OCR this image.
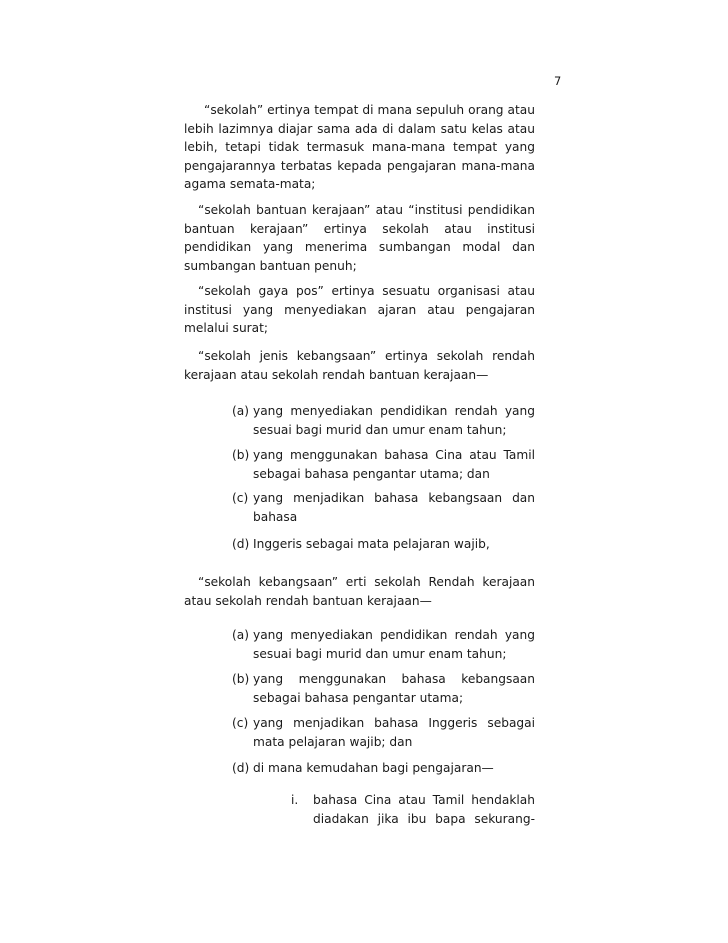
7

“sekolah” ertinya tempat di mana sepuluh orang atau lebih lazimnya diajar sama ada di dalam satu kelas atau lebih, tetapi tidak termasuk mana-mana tempat yang pengajarannya terbatas kepada pengajaran mana-mana agama semata-mata;

“sekolah bantuan kerajaan” atau “institusi pendidikan bantuan kerajaan” ertinya sekolah atau institusi pendidikan yang menerima sumbangan modal dan sumbangan bantuan penuh;

“sekolah gaya pos” ertinya sesuatu organisasi atau institusi yang menyediakan ajaran atau pengajaran melalui surat;

“sekolah jenis kebangsaan” ertinya sekolah rendah kerajaan atau sekolah rendah bantuan kerajaan—

(a) yang menyediakan pendidikan rendah yang sesuai bagi murid dan umur enam tahun;
(b) yang menggunakan bahasa Cina atau Tamil sebagai bahasa pengantar utama; dan
(c) yang menjadikan bahasa kebangsaan dan bahasa
(d) Inggeris sebagai mata pelajaran wajib,

“sekolah kebangsaan” erti sekolah Rendah kerajaan atau sekolah rendah bantuan kerajaan—

(a) yang menyediakan pendidikan rendah yang sesuai bagi murid dan umur enam tahun;
(b) yang menggunakan bahasa kebangsaan sebagai bahasa pengantar utama;
(c) yang menjadikan bahasa Inggeris sebagai mata pelajaran wajib; dan
(d) di mana kemudahan bagi pengajaran—
i.	bahasa Cina atau Tamil hendaklah diadakan jika ibu bapa sekurang-
